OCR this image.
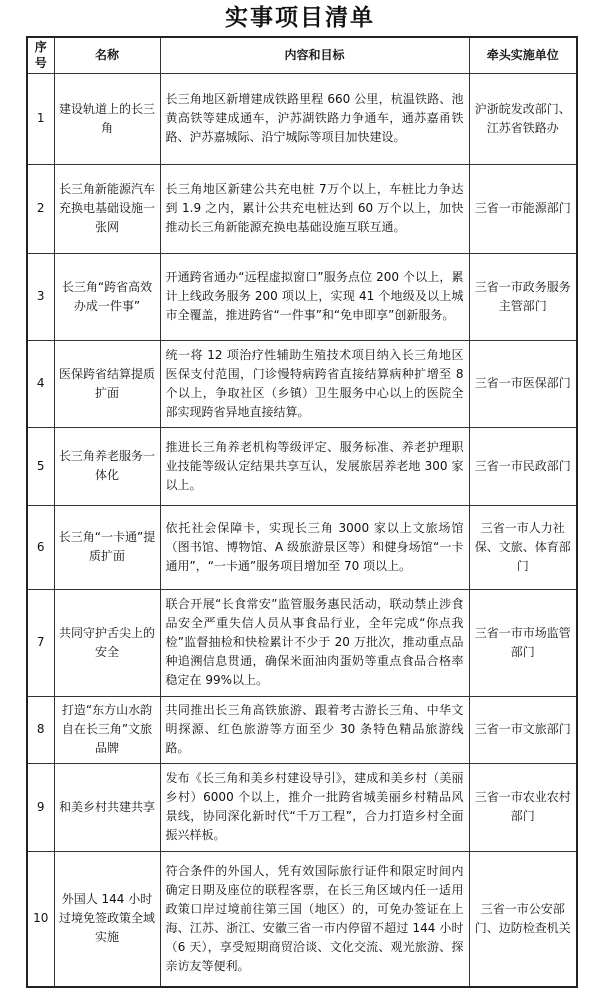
实事项目清单
序号	名称	内容和目标	牵头实施单位
1	建设轨道上的长三角	长三角地区新增建成铁路里程 660 公里，杭温铁路、池黄高铁等建成通车，沪苏湖铁路力争通车，通苏嘉甬铁路、沪苏嘉城际、沿宁城际等项目加快建设。	沪浙皖发改部门、江苏省铁路办
2	长三角新能源汽车充换电基础设施一张网	长三角地区新建公共充电桩 7万个以上，车桩比力争达到 1.9 之内，累计公共充电桩达到 60 万个以上，加快推动长三角新能源充换电基础设施互联互通。	三省一市能源部门
3	长三角“跨省高效办成一件事”	开通跨省通办“远程虚拟窗口”服务点位 200 个以上，累计上线政务服务 200 项以上，实现 41 个地级及以上城市全覆盖，推进跨省“一件事”和“免申即享”创新服务。	三省一市政务服务主管部门
4	医保跨省结算提质扩面	统一将 12 项治疗性辅助生殖技术项目纳入长三角地区医保支付范围，门诊慢特病跨省直接结算病种扩增至 8 个以上，争取社区（乡镇）卫生服务中心以上的医院全部实现跨省异地直接结算。	三省一市医保部门
5	长三角养老服务一体化	推进长三角养老机构等级评定、服务标准、养老护理职业技能等级认定结果共享互认，发展旅居养老地 300 家以上。	三省一市民政部门
6	长三角“一卡通”提质扩面	依托社会保障卡，实现长三角 3000 家以上文旅场馆（图书馆、博物馆、A 级旅游景区等）和健身场馆“一卡通用”，“一卡通”服务项目增加至 70 项以上。	三省一市人力社保、文旅、体育部门
7	共同守护舌尖上的安全	联合开展“长食常安”监管服务惠民活动，联动禁止涉食品安全严重失信人员从事食品行业，全年完成“你点我检”监督抽检和快检累计不少于 20 万批次，推动重点品种追溯信息贯通，确保米面油肉蛋奶等重点食品合格率稳定在 99%以上。	三省一市市场监管部门
8	打造“东方山水韵 自在长三角”文旅品牌	共同推出长三角高铁旅游、跟着考古游长三角、中华文明探源、红色旅游等方面至少 30 条特色精品旅游线路。	三省一市文旅部门
9	和美乡村共建共享	发布《长三角和美乡村建设导引》，建成和美乡村（美丽乡村）6000 个以上，推介一批跨省城美丽乡村精品风景线，协同深化新时代“千万工程”，合力打造乡村全面振兴样板。	三省一市农业农村部门
10	外国人 144 小时过境免签政策全域实施	符合条件的外国人，凭有效国际旅行证件和限定时间内确定日期及座位的联程客票，在长三角区域内任一适用政策口岸过境前往第三国（地区）的，可免办签证在上海、江苏、浙江、安徽三省一市内停留不超过 144 小时（6 天），享受短期商贸洽谈、文化交流、观光旅游、探亲访友等便利。	三省一市公安部门、边防检查机关
